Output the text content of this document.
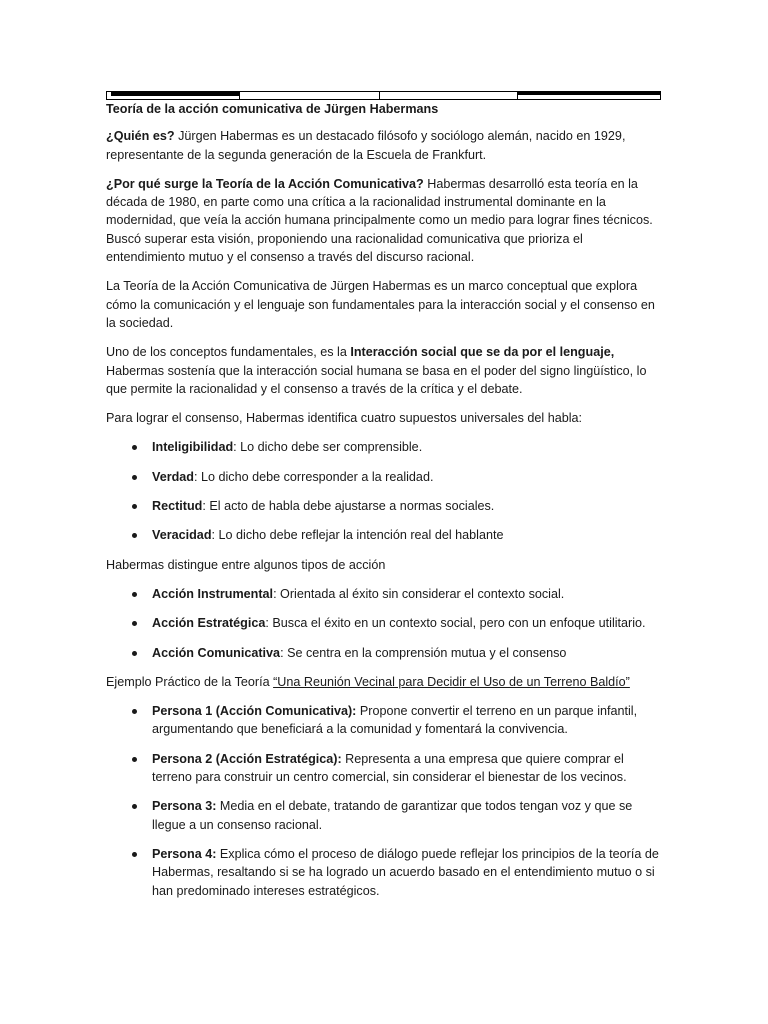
Teoría de la acción comunicativa de Jürgen Habermans

¿Quién es? Jürgen Habermas es un destacado filósofo y sociólogo alemán, nacido en 1929, representante de la segunda generación de la Escuela de Frankfurt.

¿Por qué surge la Teoría de la Acción Comunicativa? Habermas desarrolló esta teoría en la década de 1980, en parte como una crítica a la racionalidad instrumental dominante en la modernidad, que veía la acción humana principalmente como un medio para lograr fines técnicos. Buscó superar esta visión, proponiendo una racionalidad comunicativa que prioriza el entendimiento mutuo y el consenso a través del discurso racional.

La Teoría de la Acción Comunicativa de Jürgen Habermas es un marco conceptual que explora cómo la comunicación y el lenguaje son fundamentales para la interacción social y el consenso en la sociedad.

Uno de los conceptos fundamentales, es la Interacción social que se da por el lenguaje, Habermas sostenía que la interacción social humana se basa en el poder del signo lingüístico, lo que permite la racionalidad y el consenso a través de la crítica y el debate.

Para lograr el consenso, Habermas identifica cuatro supuestos universales del habla:

Inteligibilidad: Lo dicho debe ser comprensible.
Verdad: Lo dicho debe corresponder a la realidad.
Rectitud: El acto de habla debe ajustarse a normas sociales.
Veracidad: Lo dicho debe reflejar la intención real del hablante

Habermas distingue entre algunos tipos de acción

Acción Instrumental: Orientada al éxito sin considerar el contexto social.
Acción Estratégica: Busca el éxito en un contexto social, pero con un enfoque utilitario.
Acción Comunicativa: Se centra en la comprensión mutua y el consenso

Ejemplo Práctico de la Teoría “Una Reunión Vecinal para Decidir el Uso de un Terreno Baldío”

Persona 1 (Acción Comunicativa): Propone convertir el terreno en un parque infantil, argumentando que beneficiará a la comunidad y fomentará la convivencia.
Persona 2 (Acción Estratégica): Representa a una empresa que quiere comprar el terreno para construir un centro comercial, sin considerar el bienestar de los vecinos.
Persona 3: Media en el debate, tratando de garantizar que todos tengan voz y que se llegue a un consenso racional.
Persona 4: Explica cómo el proceso de diálogo puede reflejar los principios de la teoría de Habermas, resaltando si se ha logrado un acuerdo basado en el entendimiento mutuo o si han predominado intereses estratégicos.
